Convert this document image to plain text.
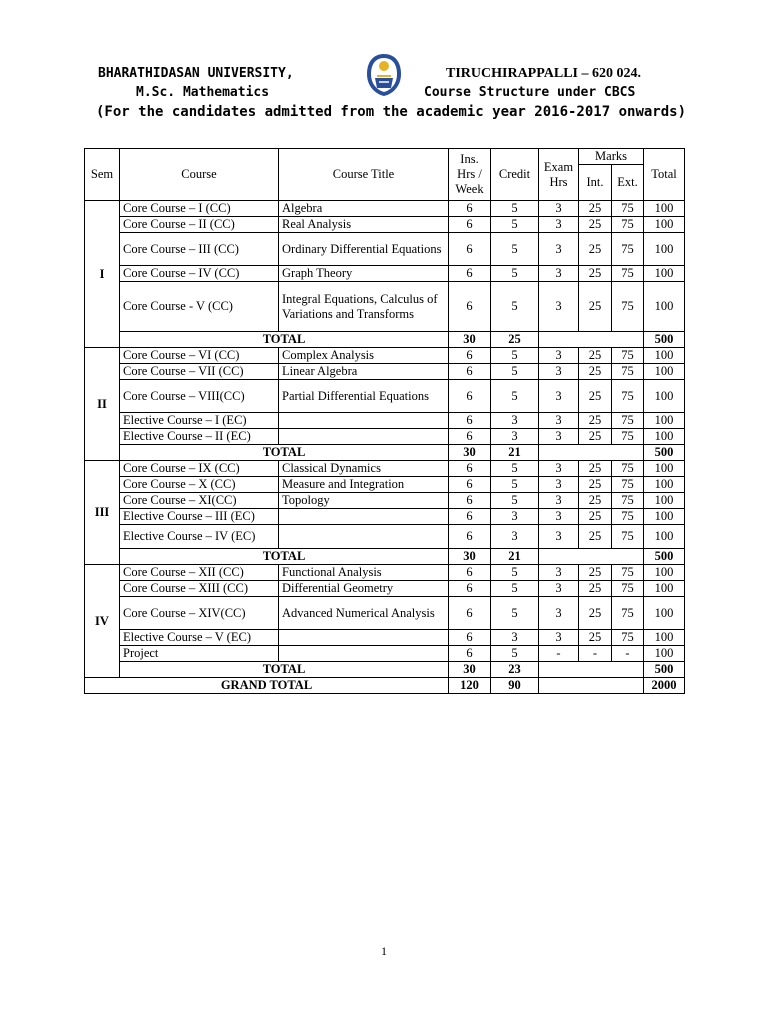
BHARATHIDASAN UNIVERSITY,	TIRUCHIRAPPALLI – 620 024.
M.Sc. Mathematics	Course Structure under CBCS
(For the candidates admitted from the academic year 2016-2017 onwards)
Sem	Course	Course Title	Ins. Hrs / Week	Credit	Exam Hrs	Marks		Total
						Int.	Ext.	
I	Core Course – I (CC)	Algebra	6	5	3	25	75	100
	Core Course – II (CC)	Real Analysis	6	5	3	25	75	100
	Core Course – III (CC)	Ordinary Differential Equations	6	5	3	25	75	100
	Core Course – IV (CC)	Graph Theory	6	5	3	25	75	100
	Core Course - V (CC)	Integral Equations, Calculus of Variations and Transforms	6	5	3	25	75	100
	TOTAL		30	25				500
II	Core Course – VI (CC)	Complex Analysis	6	5	3	25	75	100
	Core Course – VII (CC)	Linear Algebra	6	5	3	25	75	100
	Core Course – VIII(CC)	Partial Differential Equations	6	5	3	25	75	100
	Elective Course – I (EC)		6	3	3	25	75	100
	Elective Course – II (EC)		6	3	3	25	75	100
	TOTAL		30	21				500
III	Core Course – IX (CC)	Classical Dynamics	6	5	3	25	75	100
	Core Course – X (CC)	Measure and Integration	6	5	3	25	75	100
	Core Course – XI(CC)	Topology	6	5	3	25	75	100
	Elective Course – III (EC)		6	3	3	25	75	100
	Elective Course – IV (EC)		6	3	3	25	75	100
	TOTAL		30	21				500
IV	Core Course – XII (CC)	Functional Analysis	6	5	3	25	75	100
	Core Course – XIII (CC)	Differential Geometry	6	5	3	25	75	100
	Core Course – XIV(CC)	Advanced Numerical Analysis	6	5	3	25	75	100
	Elective Course – V (EC)		6	3	3	25	75	100
	Project		6	5	-	-	-	100
	TOTAL		30	23				500
GRAND TOTAL			120	90				2000
1
